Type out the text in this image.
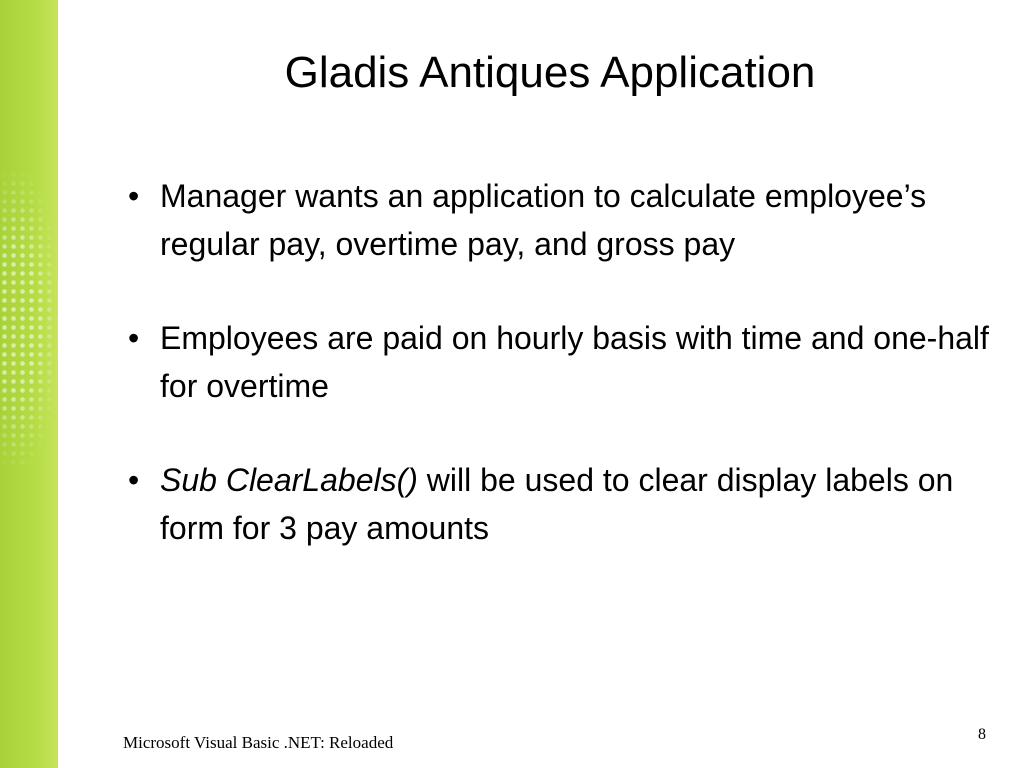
Gladis Antiques Application
• Manager wants an application to calculate employee’s regular pay, overtime pay, and gross pay
• Employees are paid on hourly basis with time and one-half for overtime
• Sub ClearLabels() will be used to clear display labels on form for 3 pay amounts
Microsoft Visual Basic .NET: Reloaded	8
